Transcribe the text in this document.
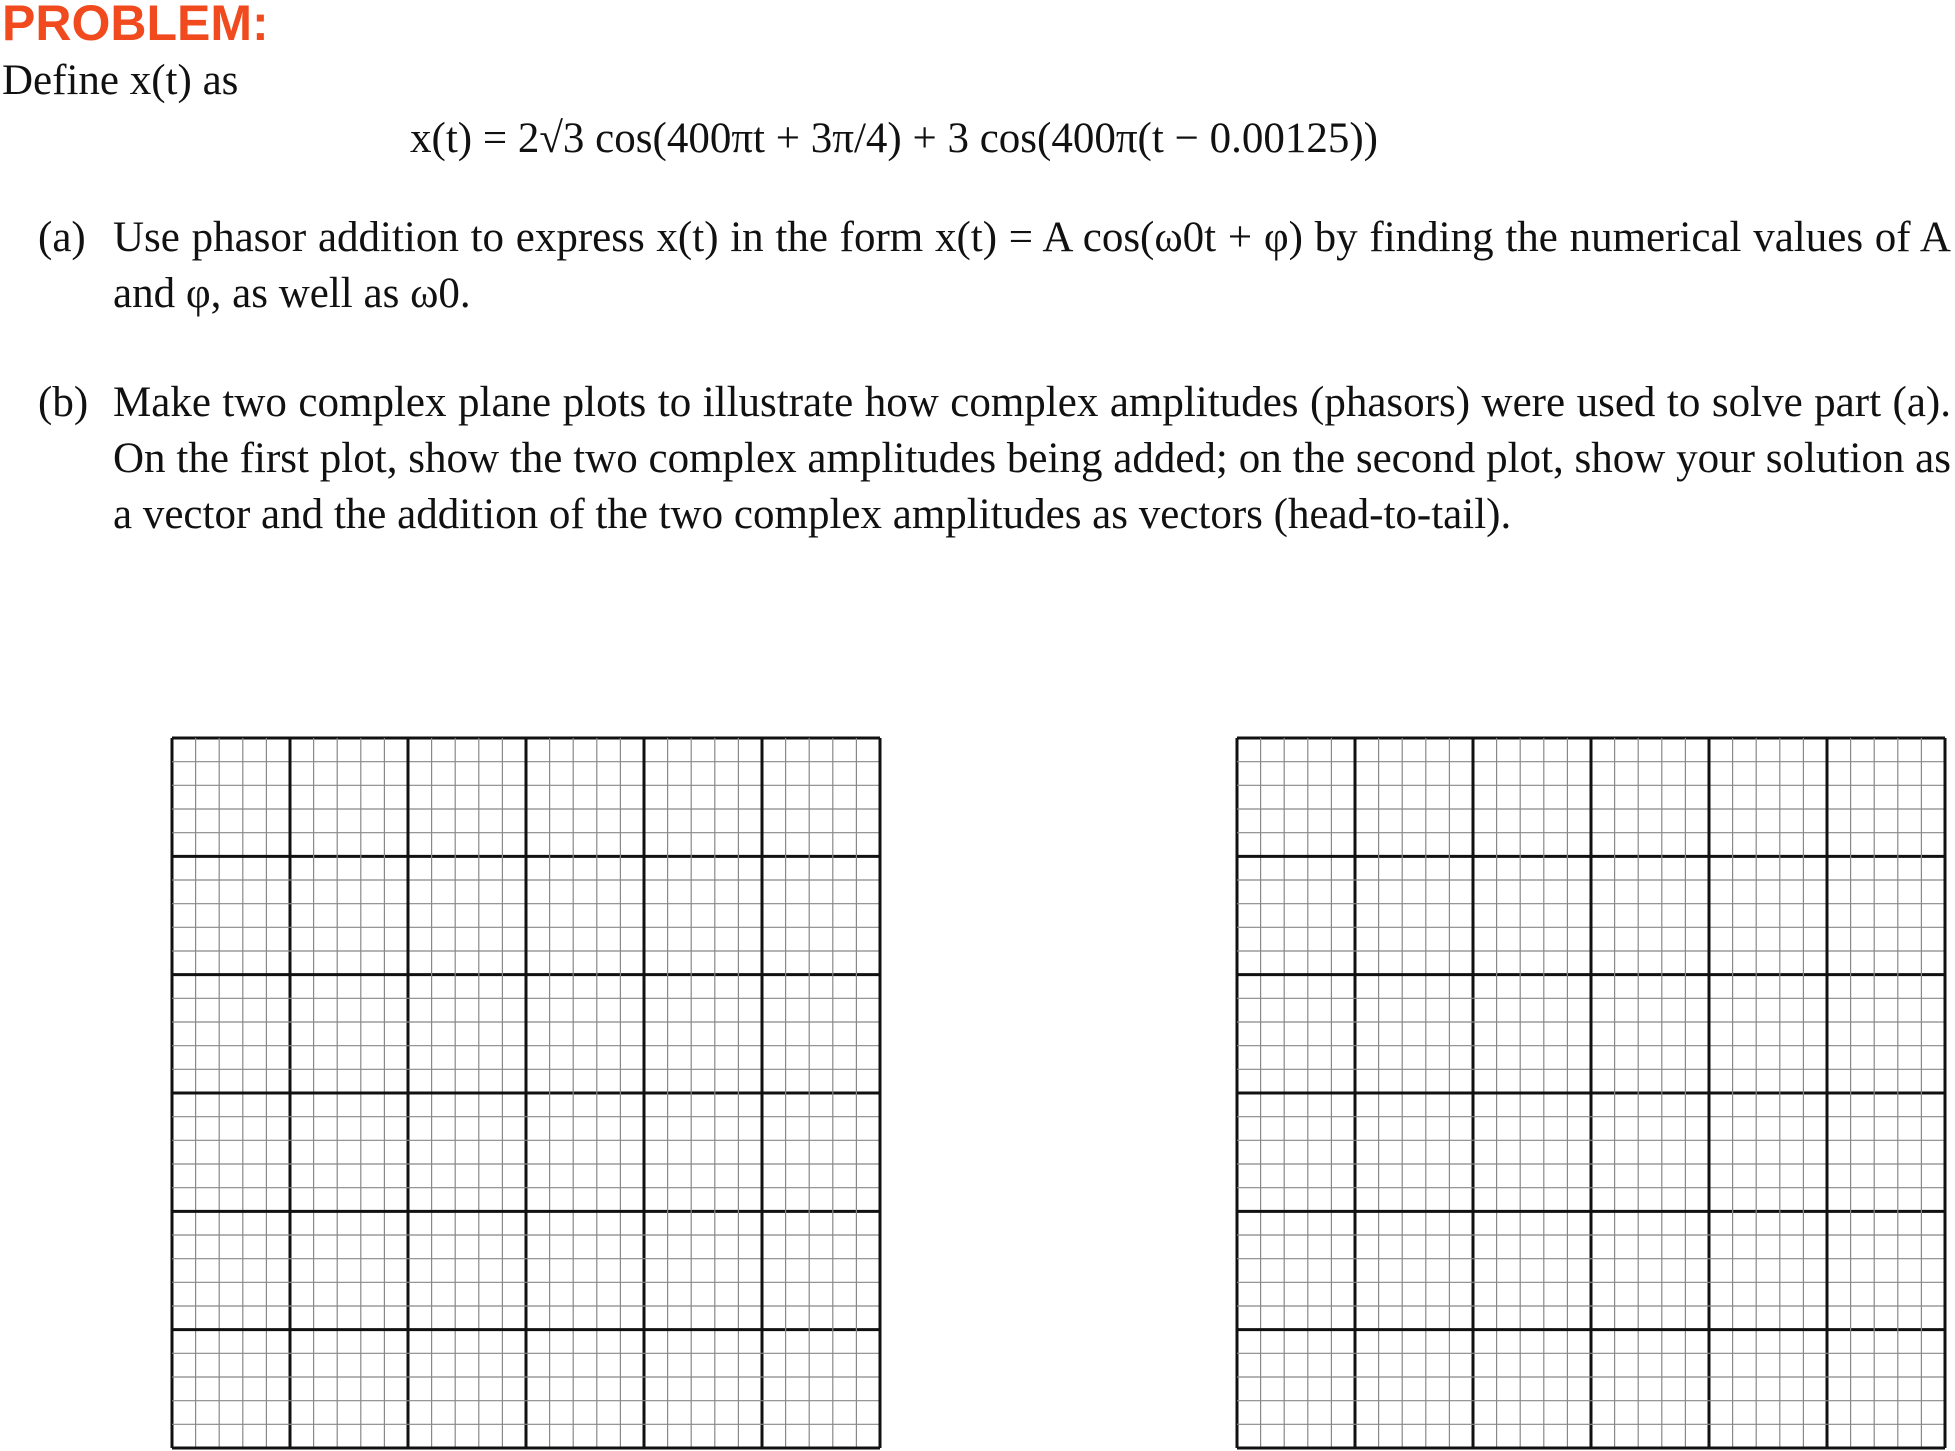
PROBLEM:
Define x(t) as
x(t) = 2√3 cos(400πt + 3π/4) + 3 cos(400π(t − 0.00125))
(a) Use phasor addition to express x(t) in the form x(t) = A cos(ω0t + φ) by finding the numerical values of A and φ, as well as ω0.
(b) Make two complex plane plots to illustrate how complex amplitudes (phasors) were used to solve part (a). On the first plot, show the two complex amplitudes being added; on the second plot, show your solution as a vector and the addition of the two complex amplitudes as vectors (head-to-tail).
